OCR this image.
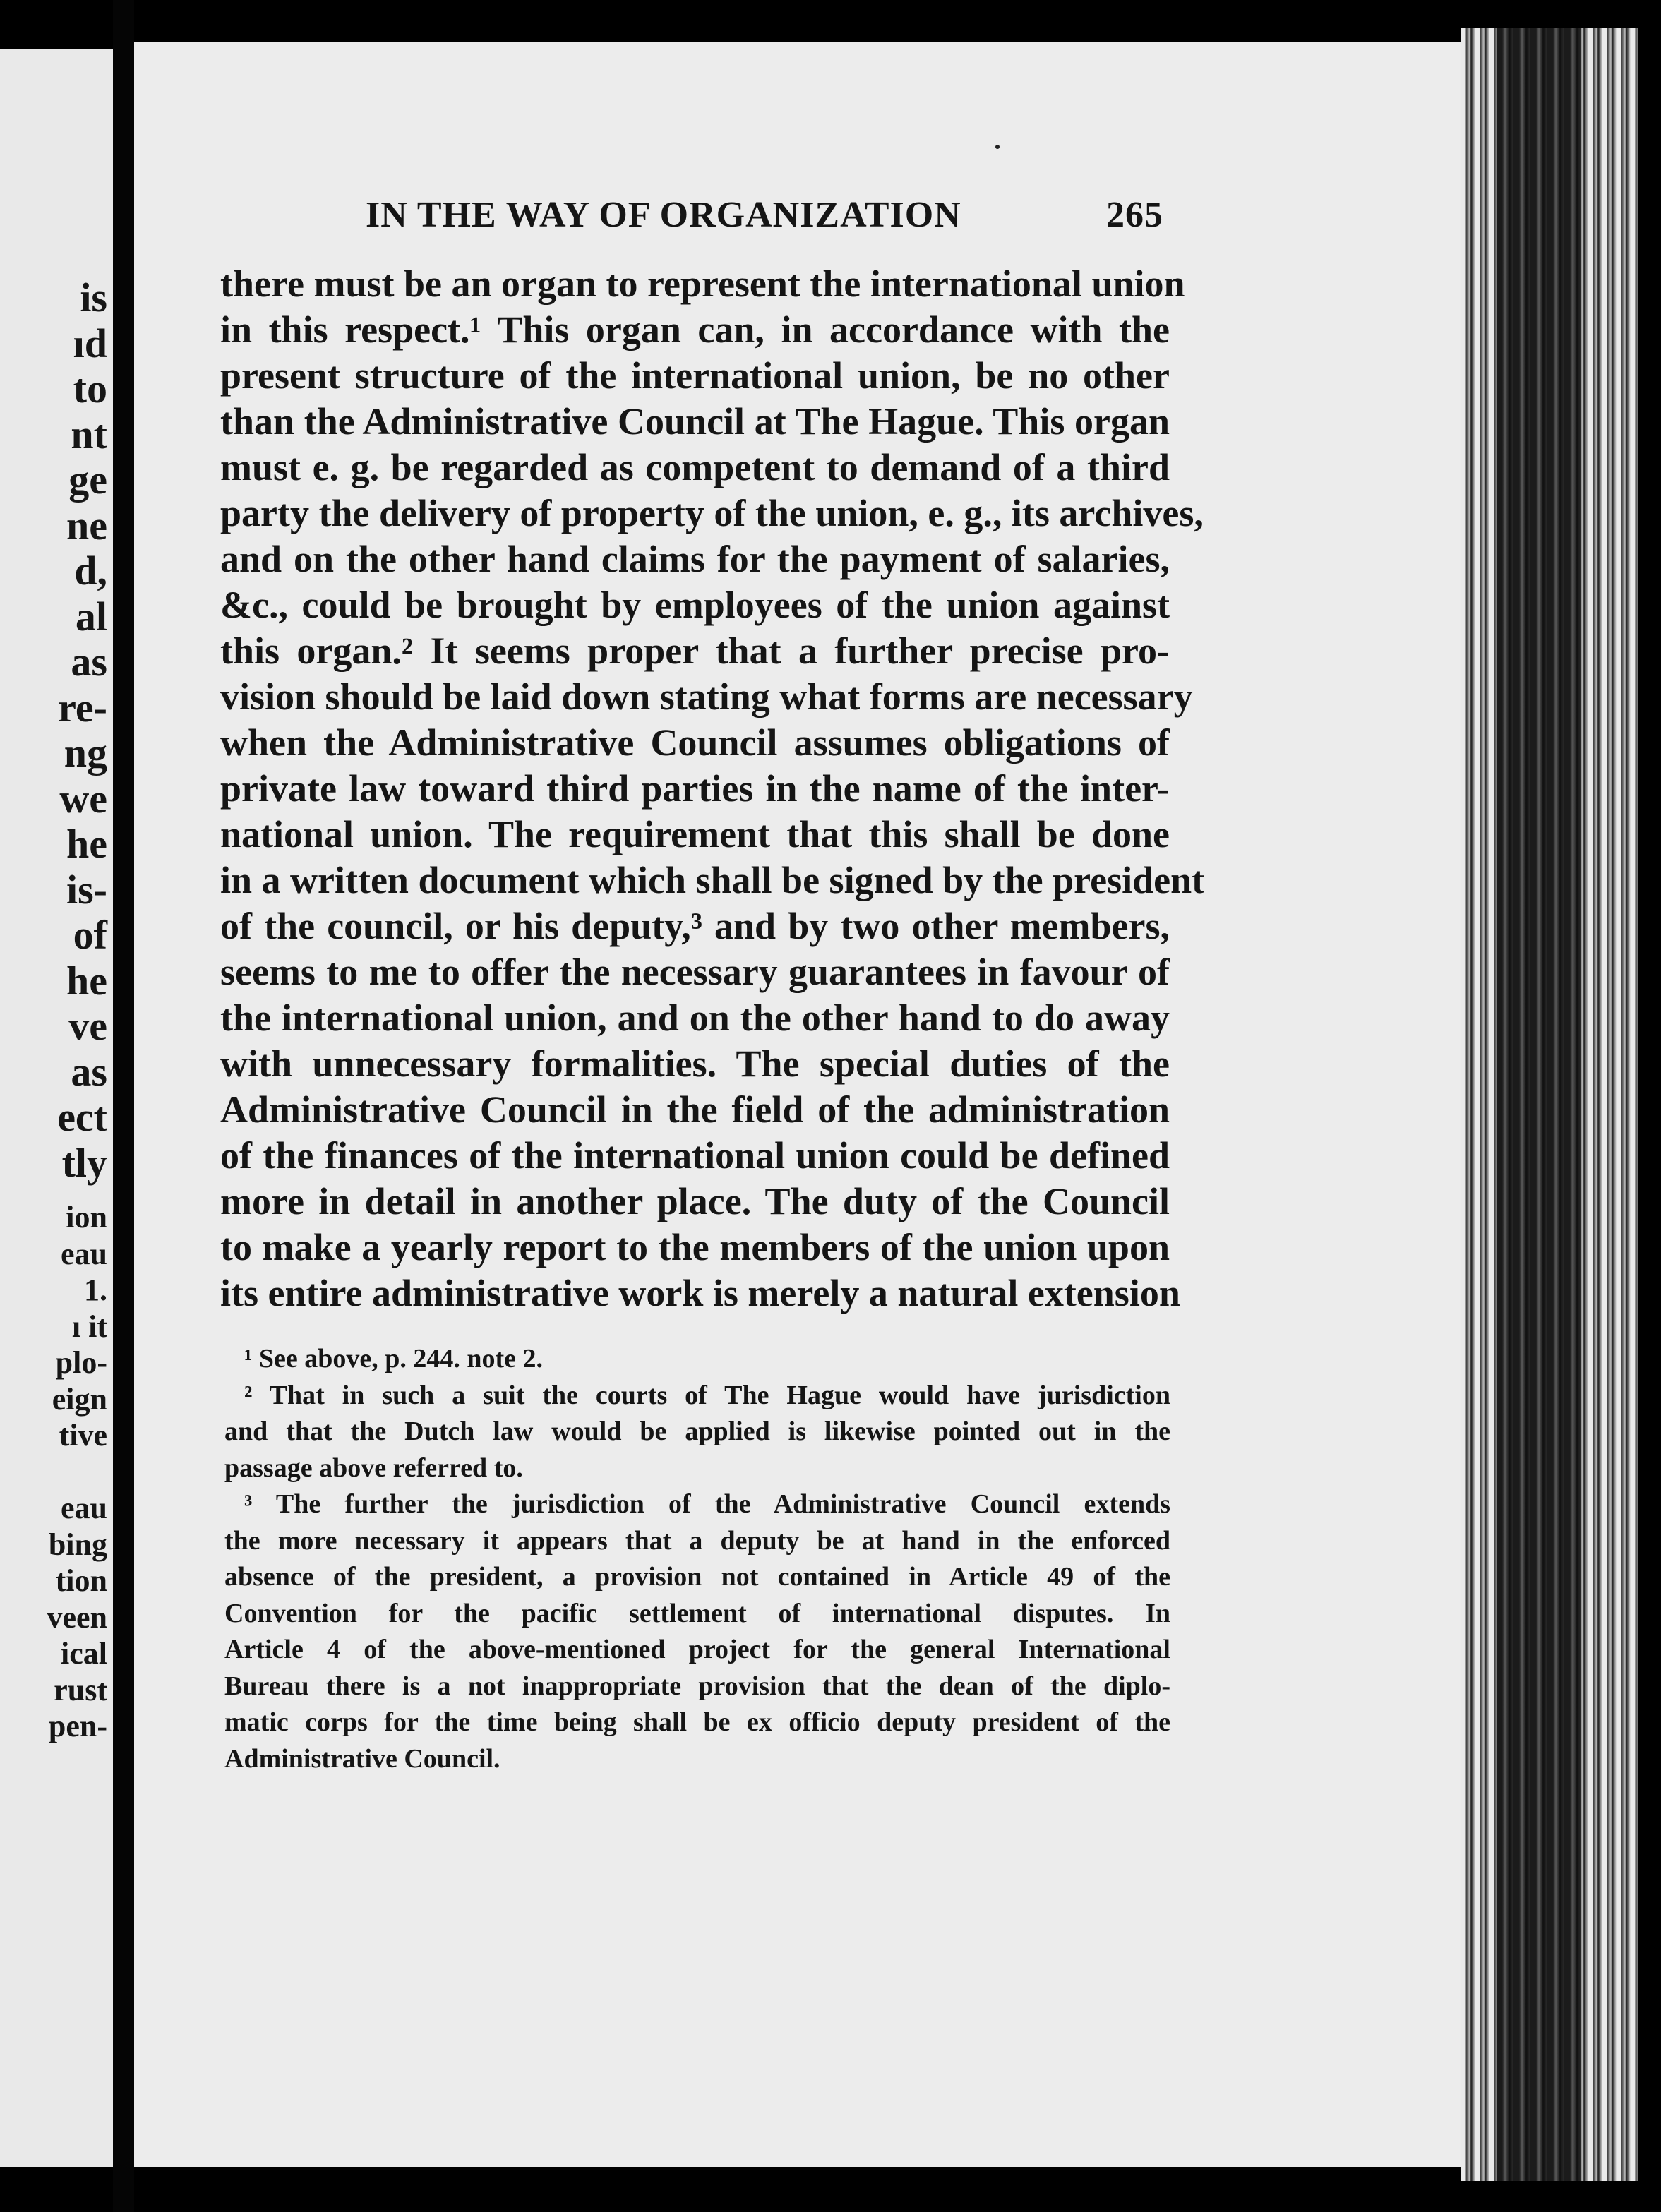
is
ıd
to
nt
ge
ne
d,
al
as
re-
ng
we
he
is-
of
he
ve
as
ect
tly
ion
eau
1.
ı it
plo-
eign
tive
eau
bing
tion
veen
ical
rust
pen-
IN THE WAY OF ORGANIZATION	265
there must be an organ to represent the international union
in this respect.¹ This organ can, in accordance with the
present structure of the international union, be no other
than the Administrative Council at The Hague. This organ
must e. g. be regarded as competent to demand of a third
party the delivery of property of the union, e. g., its archives,
and on the other hand claims for the payment of salaries,
&c., could be brought by employees of the union against
this organ.² It seems proper that a further precise pro-
vision should be laid down stating what forms are necessary
when the Administrative Council assumes obligations of
private law toward third parties in the name of the inter-
national union. The requirement that this shall be done
in a written document which shall be signed by the president
of the council, or his deputy,³ and by two other members,
seems to me to offer the necessary guarantees in favour of
the international union, and on the other hand to do away
with unnecessary formalities. The special duties of the
Administrative Council in the field of the administration
of the finances of the international union could be defined
more in detail in another place. The duty of the Council
to make a yearly report to the members of the union upon
its entire administrative work is merely a natural extension
¹ See above, p. 244. note 2.
² That in such a suit the courts of The Hague would have jurisdiction
and that the Dutch law would be applied is likewise pointed out in the
passage above referred to.
³ The further the jurisdiction of the Administrative Council extends
the more necessary it appears that a deputy be at hand in the enforced
absence of the president, a provision not contained in Article 49 of the
Convention for the pacific settlement of international disputes. In
Article 4 of the above-mentioned project for the general International
Bureau there is a not inappropriate provision that the dean of the diplo-
matic corps for the time being shall be ex officio deputy president of the
Administrative Council.
